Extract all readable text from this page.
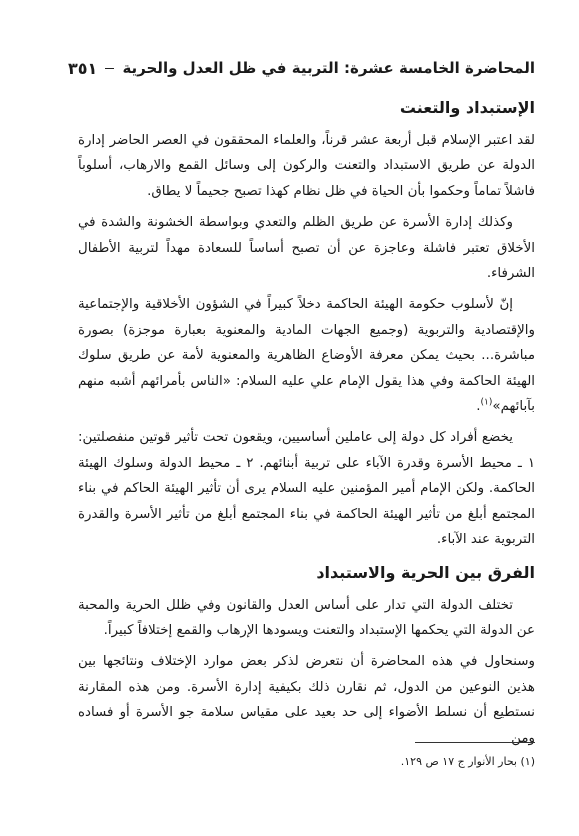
المحاضرة الخامسة عشرة: التربية في ظل العدل والحرية
٣٥١
الإستبداد والتعنت

لقد اعتبر الإسلام قبل أربعة عشر قرناً، والعلماء المحققون في العصر الحاضر إدارة الدولة عن طريق الاستبداد والتعنت والركون إلى وسائل القمع والارهاب، أسلوباً فاشلاً تماماً وحكموا بأن الحياة في ظل نظام كهذا تصبح جحيماً لا يطاق.

وكذلك إدارة الأسرة عن طريق الظلم والتعدي وبواسطة الخشونة والشدة في الأخلاق تعتبر فاشلة وعاجزة عن أن تصبح أساساً للسعادة مهداً لتربية الأطفال الشرفاء.

إنّ لأسلوب حكومة الهيئة الحاكمة دخلاً كبيراً في الشؤون الأخلاقية والإجتماعية والإقتصادية والتربوية (وجميع الجهات المادية والمعنوية بعبارة موجزة) بصورة مباشرة... بحيث يمكن معرفة الأوضاع الظاهرية والمعنوية لأمة عن طريق سلوك الهيئة الحاكمة وفي هذا يقول الإمام علي عليه السلام: «الناس بأمرائهم أشبه منهم بآبائهم»$^{(١)}$.

يخضع أفراد كل دولة إلى عاملين أساسيين، ويقعون تحت تأثير قوتين منفصلتين: ١ ـ محيط الأسرة وقدرة الآباء على تربية أبنائهم. ٢ ـ محيط الدولة وسلوك الهيئة الحاكمة. ولكن الإمام أمير المؤمنين عليه السلام يرى أن تأثير الهيئة الحاكم في بناء المجتمع أبلغ من تأثير الهيئة الحاكمة في بناء المجتمع أبلغ من تأثير الأسرة والقدرة التربوية عند الآباء.

الفرق بين الحرية والاستبداد

تختلف الدولة التي تدار على أساس العدل والقانون وفي ظلل الحرية والمحبة عن الدولة التي يحكمها الإستبداد والتعنت ويسودها الإرهاب والقمع إختلافاً كبيراً.

وسنحاول في هذه المحاضرة أن نتعرض لذكر بعض موارد الإختلاف ونتائجها بين هذين النوعين من الدول، ثم نقارن ذلك بكيفية إدارة الأسرة. ومن هذه المقارنة نستطيع أن نسلط الأضواء إلى حد بعيد على مقياس سلامة جو الأسرة أو فساده ومن

(١) بحار الأنوار ج ١٧ ص ١٢٩.
